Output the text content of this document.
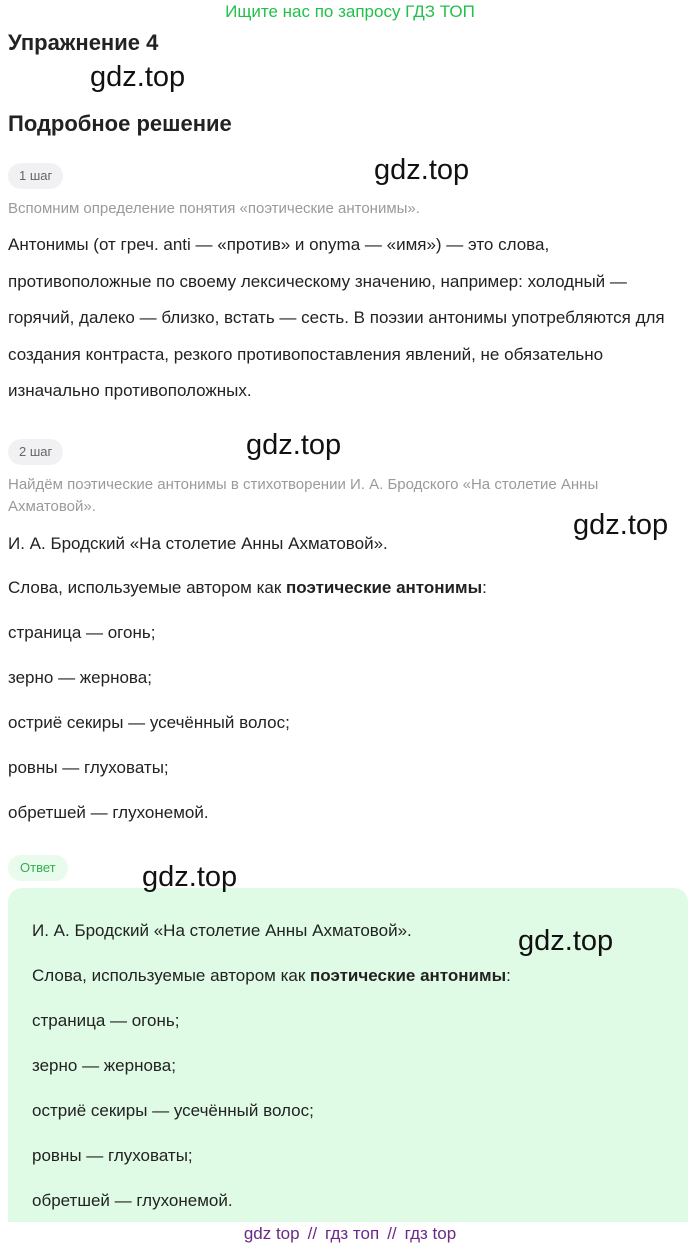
Ищите нас по запросу ГДЗ ТОП
Упражнение 4
gdz.top
Подробное решение
1 шаг	gdz.top
Вспомним определение понятия «поэтические антонимы».
Антонимы (от греч. anti — «против» и onyma — «имя») — это слова, противоположные по своему лексическому значению, например: холодный — горячий, далеко — близко, встать — сесть. В поэзии антонимы употребляются для создания контраста, резкого противопоставления явлений, не обязательно изначально противоположных.
2 шаг	gdz.top
Найдём поэтические антонимы в стихотворении И. А. Бродского «На столетие Анны Ахматовой».
gdz.top
И. А. Бродский «На столетие Анны Ахматовой».
Слова, используемые автором как поэтические антонимы:
страница — огонь;
зерно — жернова;
остриё секиры — усечённый волос;
ровны — глуховаты;
обретшей — глухонемой.
Ответ
И. А. Бродский «На столетие Анны Ахматовой».
Слова, используемые автором как поэтические антонимы:
страница — огонь;
зерно — жернова;
остриё секиры — усечённый волос;
ровны — глуховаты;
обретшей — глухонемой.
gdz.top
gdz.top
gdz top // гдз топ // гдз top
